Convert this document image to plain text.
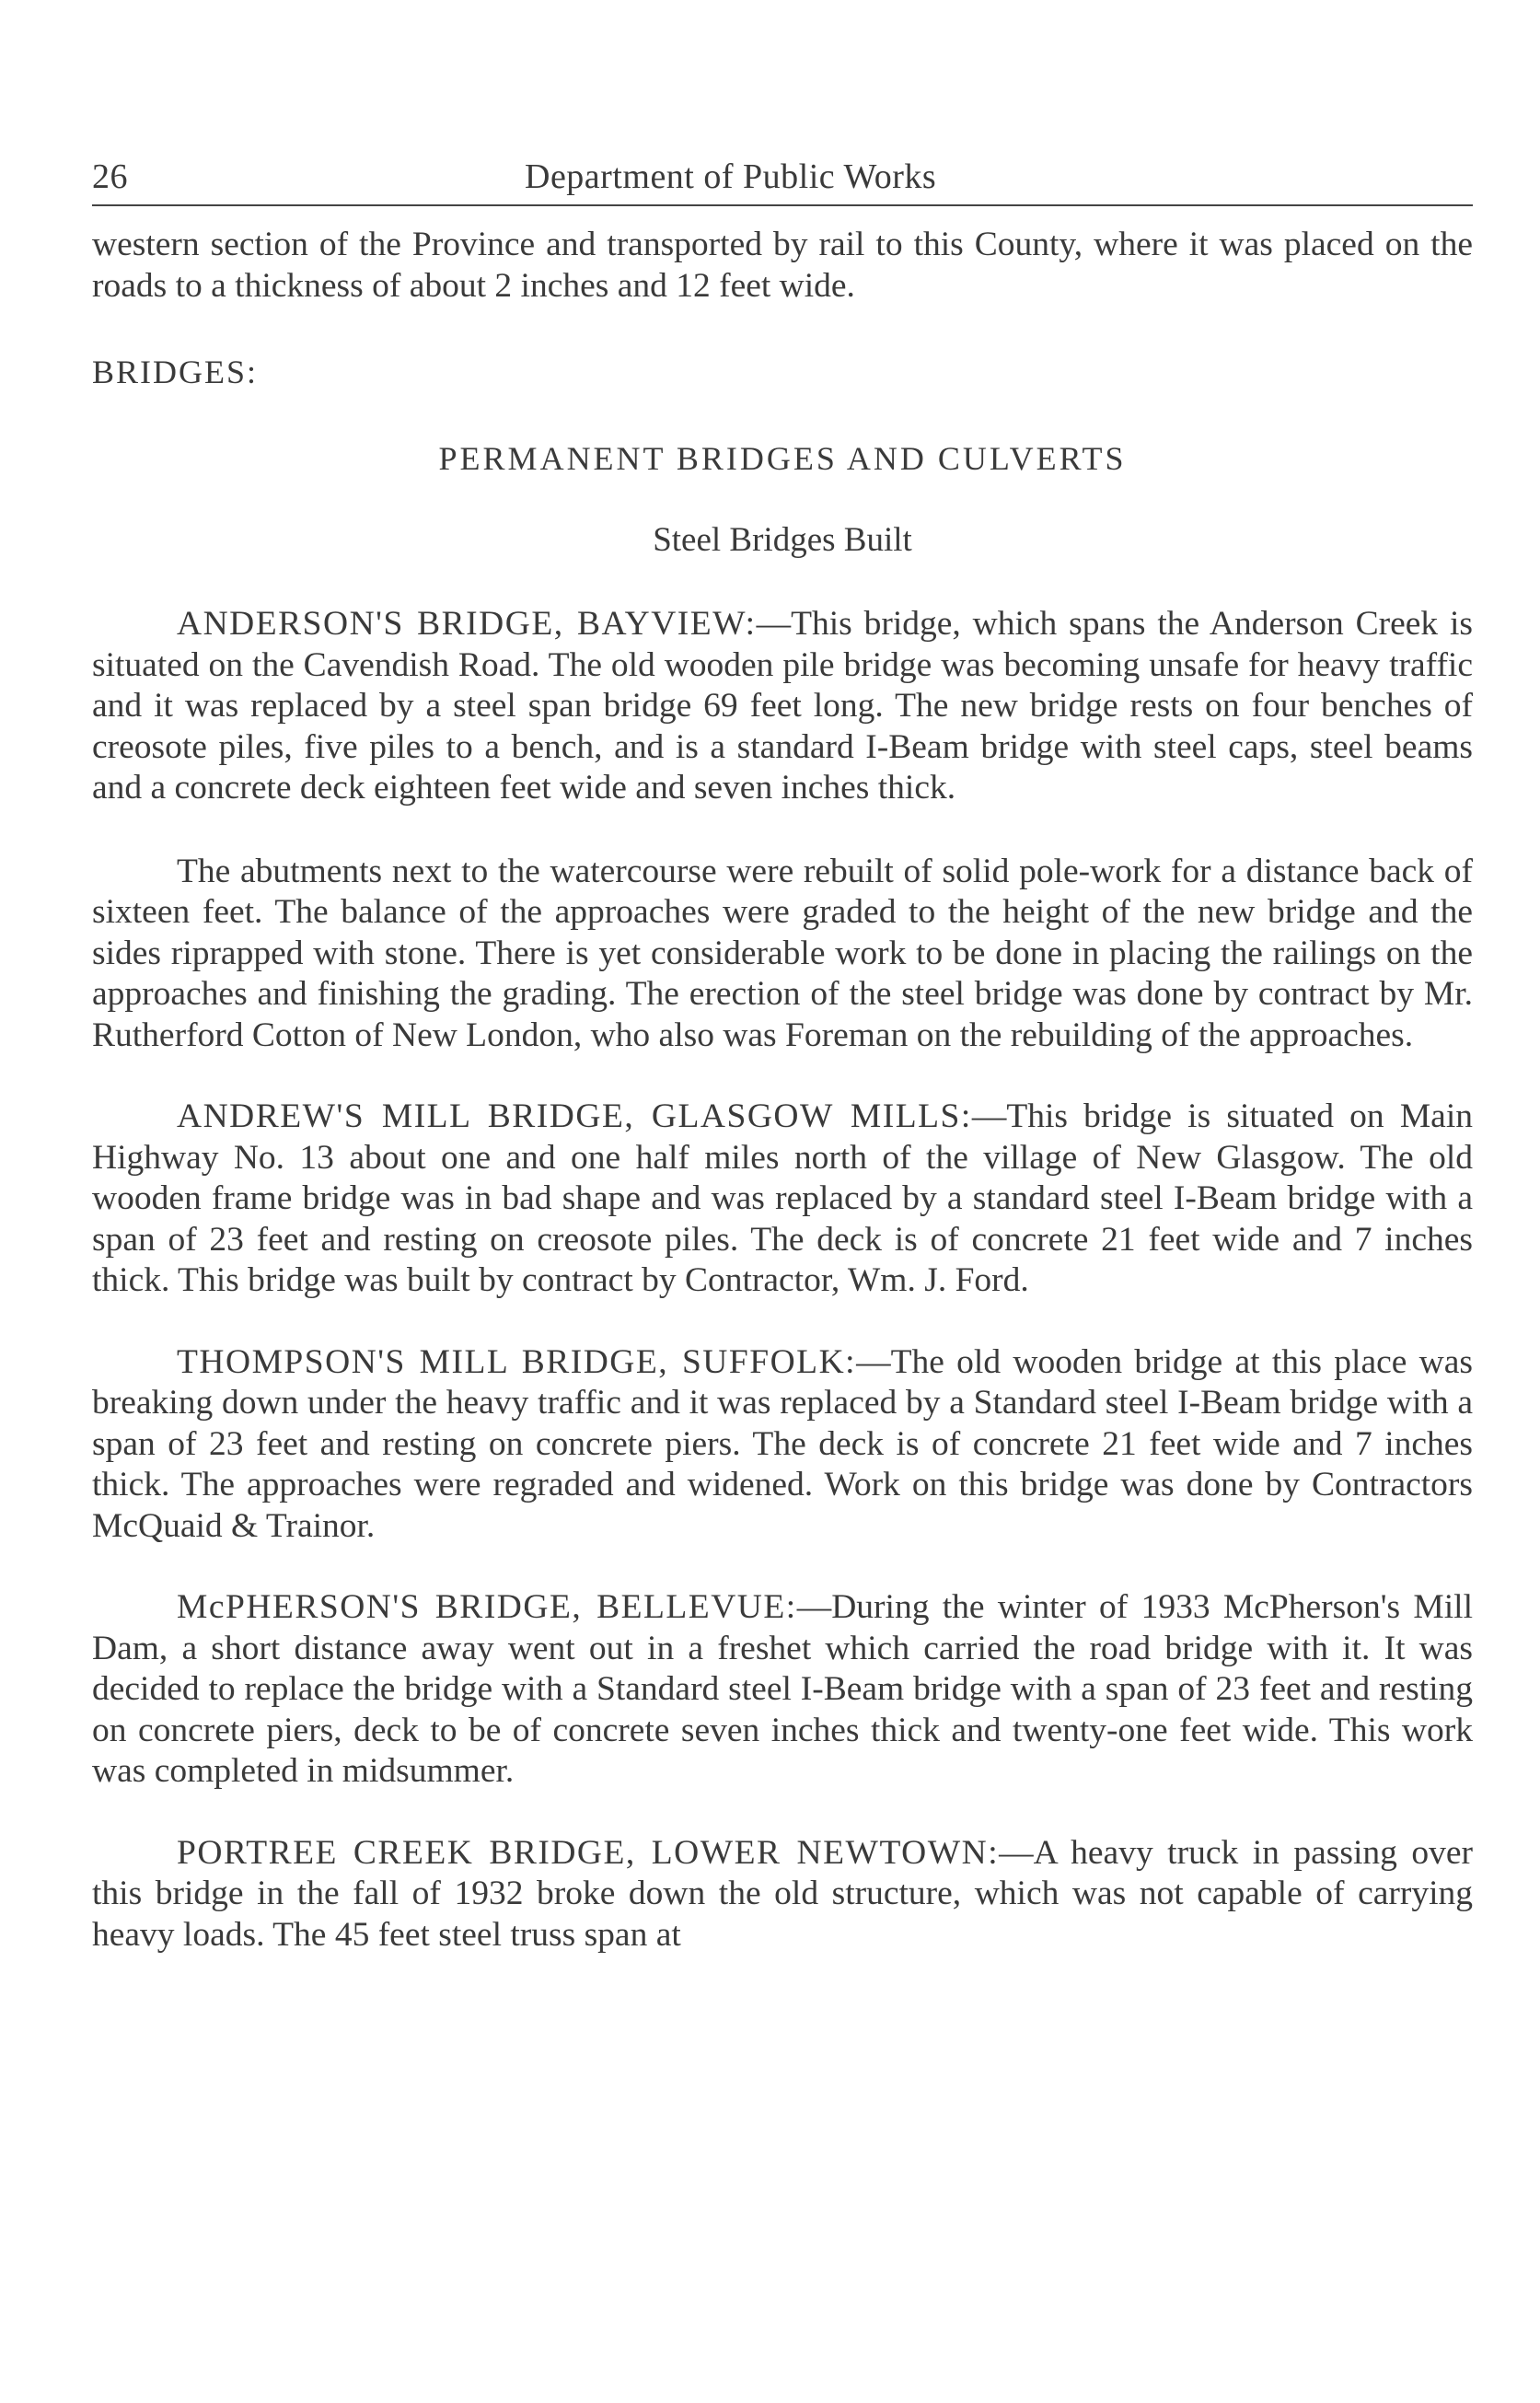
26	Department of Public Works

western section of the Province and transported by rail to this County, where it was placed on the roads to a thickness of about 2 inches and 12 feet wide.

BRIDGES:

PERMANENT BRIDGES AND CULVERTS

Steel Bridges Built

ANDERSON'S BRIDGE, BAYVIEW:—This bridge, which spans the Anderson Creek is situated on the Cavendish Road. The old wooden pile bridge was becoming unsafe for heavy traffic and it was replaced by a steel span bridge 69 feet long. The new bridge rests on four benches of creosote piles, five piles to a bench, and is a standard I-Beam bridge with steel caps, steel beams and a concrete deck eighteen feet wide and seven inches thick.

The abutments next to the watercourse were rebuilt of solid pole-work for a distance back of sixteen feet. The balance of the approaches were graded to the height of the new bridge and the sides riprapped with stone. There is yet considerable work to be done in placing the railings on the approaches and finishing the grading. The erection of the steel bridge was done by contract by Mr. Rutherford Cotton of New London, who also was Foreman on the rebuilding of the approaches.

ANDREW'S MILL BRIDGE, GLASGOW MILLS:—This bridge is situated on Main Highway No. 13 about one and one half miles north of the village of New Glasgow. The old wooden frame bridge was in bad shape and was replaced by a standard steel I-Beam bridge with a span of 23 feet and resting on creosote piles. The deck is of concrete 21 feet wide and 7 inches thick. This bridge was built by contract by Contractor, Wm. J. Ford.

THOMPSON'S MILL BRIDGE, SUFFOLK:—The old wooden bridge at this place was breaking down under the heavy traffic and it was replaced by a Standard steel I-Beam bridge with a span of 23 feet and resting on concrete piers. The deck is of concrete 21 feet wide and 7 inches thick. The approaches were regraded and widened. Work on this bridge was done by Contractors McQuaid & Trainor.

McPHERSON'S BRIDGE, BELLEVUE:—During the winter of 1933 McPherson's Mill Dam, a short distance away went out in a freshet which carried the road bridge with it. It was decided to replace the bridge with a Standard steel I-Beam bridge with a span of 23 feet and resting on concrete piers, deck to be of concrete seven inches thick and twenty-one feet wide. This work was completed in midsummer.

PORTREE CREEK BRIDGE, LOWER NEWTOWN:—A heavy truck in passing over this bridge in the fall of 1932 broke down the old structure, which was not capable of carrying heavy loads. The 45 feet steel truss span at
